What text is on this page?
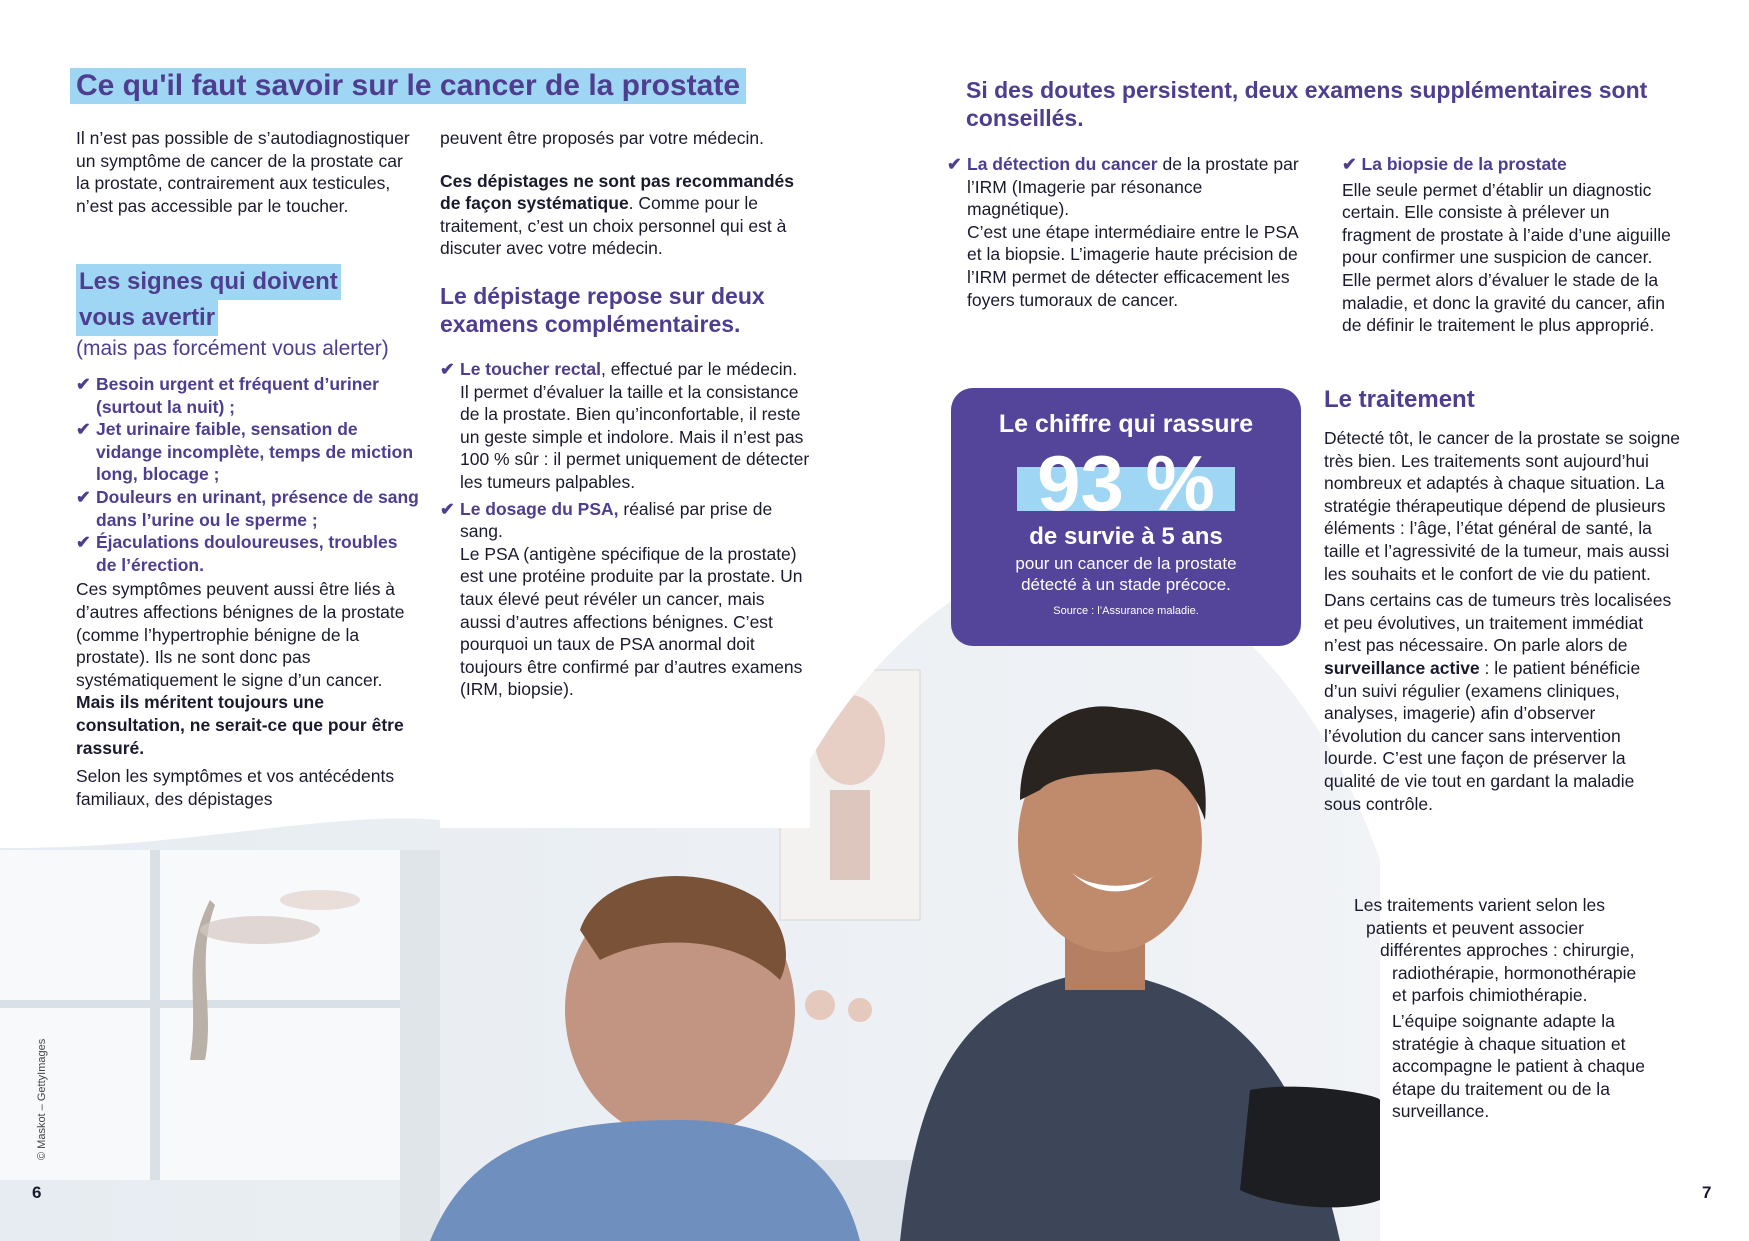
Ce qu'il faut savoir sur le cancer de la prostate

Il n’est pas possible de s’autodiagnostiquer un symptôme de cancer de la prostate car la prostate, contrairement aux testicules, n’est pas accessible par le toucher.

Les signes qui doivent
vous avertir

(mais pas forcément vous alerter)

✔ Besoin urgent et fréquent d’uriner (surtout la nuit) ;
✔ Jet urinaire faible, sensation de vidange incomplète, temps de miction long, blocage ;
✔ Douleurs en urinant, présence de sang dans l’urine ou le sperme ;
✔ Éjaculations douloureuses, troubles de l’érection.

Ces symptômes peuvent aussi être liés à d’autres affections bénignes de la prostate (comme l’hypertrophie bénigne de la prostate). Ils ne sont donc pas systématiquement le signe d’un cancer. Mais ils méritent toujours une consultation, ne serait-ce que pour être rassuré.

Selon les symptômes et vos antécédents familiaux, des dépistages

peuvent être proposés par votre médecin.

Ces dépistages ne sont pas recommandés de façon systématique. Comme pour le traitement, c’est un choix personnel qui est à discuter avec votre médecin.

Le dépistage repose sur deux examens complémentaires.
✔ Le toucher rectal, effectué par le médecin.
Il permet d’évaluer la taille et la consistance de la prostate. Bien qu’inconfortable, il reste un geste simple et indolore. Mais il n’est pas 100 % sûr : il permet uniquement de détecter les tumeurs palpables.
✔ Le dosage du PSA, réalisé par prise de sang.
Le PSA (antigène spécifique de la prostate) est une protéine produite par la prostate. Un taux élevé peut révéler un cancer, mais aussi d’autres affections bénignes. C’est pourquoi un taux de PSA anormal doit toujours être confirmé par d’autres examens (IRM, biopsie).
6
© Maskot – GettyImages
Si des doutes persistent, deux examens supplémentaires sont conseillés.
✔ La détection du cancer de la prostate par l’IRM (Imagerie par résonance magnétique).
C’est une étape intermédiaire entre le PSA et la biopsie. L’imagerie haute précision de l’IRM permet de détecter efficacement les foyers tumoraux de cancer.
✔ La biopsie de la prostate
Elle seule permet d’établir un diagnostic certain. Elle consiste à prélever un fragment de prostate à l’aide d’une aiguille pour confirmer une suspicion de cancer. Elle permet alors d’évaluer le stade de la maladie, et donc la gravité du cancer, afin de définir le traitement le plus approprié.
Le chiffre qui rassure
93 %
de survie à 5 ans
pour un cancer de la prostate
détecté à un stade précoce.
Source : l’Assurance maladie.
Le traitement

Détecté tôt, le cancer de la prostate se soigne très bien. Les traitements sont aujourd’hui nombreux et adaptés à chaque situation. La stratégie thérapeutique dépend de plusieurs éléments : l’âge, l’état général de santé, la taille et l’agressivité de la tumeur, mais aussi les souhaits et le confort de vie du patient.

Dans certains cas de tumeurs très localisées et peu évolutives, un traitement immédiat n’est pas nécessaire. On parle alors de surveillance active : le patient bénéficie d’un suivi régulier (examens cliniques, analyses, imagerie) afin d’observer l’évolution du cancer sans intervention lourde. C’est une façon de préserver la qualité de vie tout en gardant la maladie sous contrôle.

Les traitements varient selon les
patients et peuvent associer
différentes approches : chirurgie,
radiothérapie, hormonothérapie
et parfois chimiothérapie.

L’équipe soignante adapte la stratégie à chaque situation et accompagne le patient à chaque étape du traitement ou de la surveillance.

7
